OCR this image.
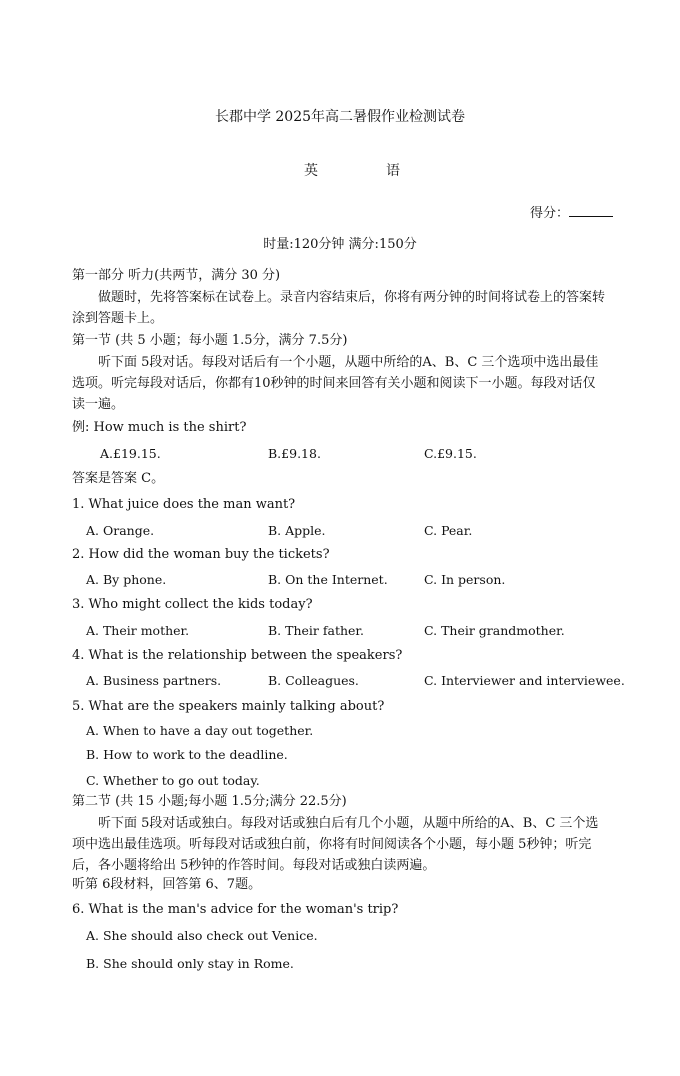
长郡中学 2025年高二暑假作业检测试卷
英	语
得分：
时量:120分钟 满分:150分
第一部分 听力(共两节，满分 30 分)
做题时，先将答案标在试卷上。录音内容结束后，你将有两分钟的时间将试卷上的答案转涂到答题卡上。
第一节 (共 5 小题；每小题 1.5分，满分 7.5分)
听下面 5段对话。每段对话后有一个小题，从题中所给的A、B、C 三个选项中选出最佳选项。听完每段对话后，你都有10秒钟的时间来回答有关小题和阅读下一小题。每段对话仅读一遍。
例: How much is the shirt?
A.£19.15.	B.£9.18.	C.£9.15.
答案是答案 C。
1. What juice does the man want?
A. Orange.	B. Apple.	C. Pear.
2. How did the woman buy the tickets?
A. By phone.	B. On the Internet.	C. In person.
3. Who might collect the kids today?
A. Their mother.	B. Their father.	C. Their grandmother.
4. What is the relationship between the speakers?
A. Business partners.	B. Colleagues.	C. Interviewer and interviewee.
5. What are the speakers mainly talking about?
A. When to have a day out together.
B. How to work to the deadline.
C. Whether to go out today.
第二节 (共 15 小题;每小题 1.5分;满分 22.5分)
听下面 5段对话或独白。每段对话或独白后有几个小题，从题中所给的A、B、C 三个选项中选出最佳选项。听每段对话或独白前，你将有时间阅读各个小题，每小题 5秒钟；听完后，各小题将给出 5秒钟的作答时间。每段对话或独白读两遍。
听第 6段材料，回答第 6、7题。
6. What is the man's advice for the woman's trip?
A. She should also check out Venice.
B. She should only stay in Rome.
